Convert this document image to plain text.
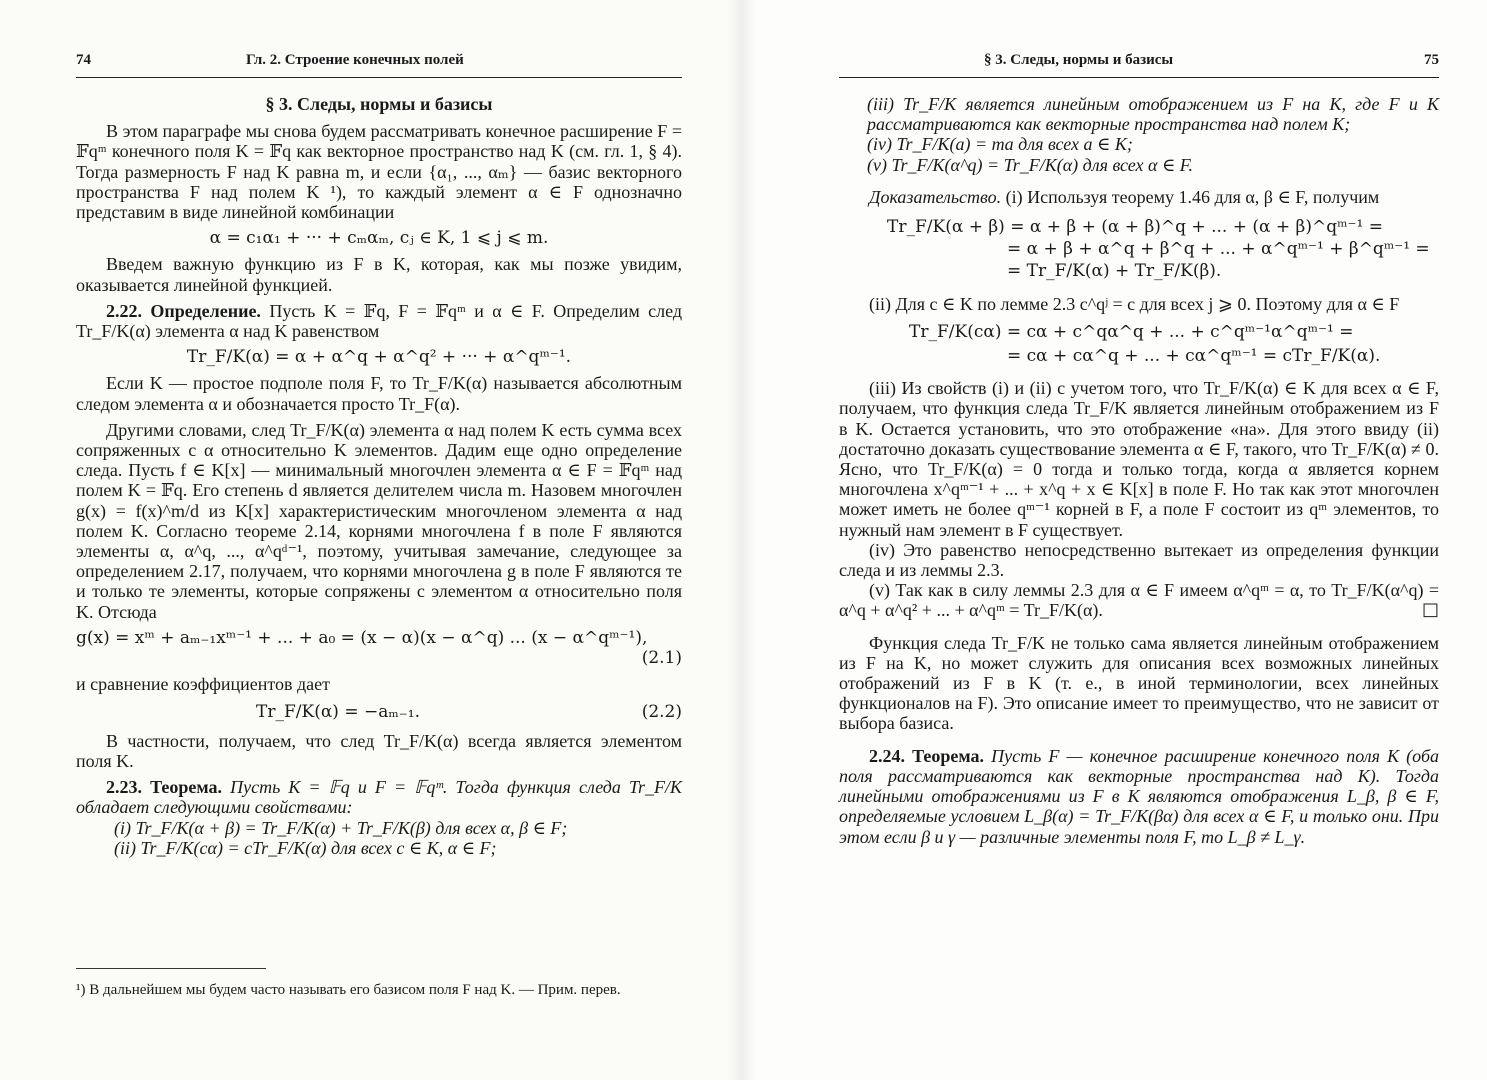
74	Гл. 2. Строение конечных полей	§ 3. Следы, нормы и базисы	75
§ 3. Следы, нормы и базисы

В этом параграфе мы снова будем рассматривать конечное расширение F = 𝔽qᵐ конечного поля K = 𝔽q как векторное пространство над K (см. гл. 1, § 4). Тогда размерность F над K равна m, и если {α₁, ..., αₘ} — базис векторного пространства F над полем K ¹), то каждый элемент α ∈ F однозначно представим в виде линейной комбинации

α = c₁α₁ + ··· + cₘαₘ, cⱼ ∈ K, 1 ⩽ j ⩽ m.

Введем важную функцию из F в K, которая, как мы позже увидим, оказывается линейной функцией.

2.22. Определение. Пусть K = 𝔽q, F = 𝔽qᵐ и α ∈ F. Определим след Tr_F/K(α) элемента α над K равенством

Tr_F/K(α) = α + α^q + α^q² + ··· + α^qᵐ⁻¹.

Если K — простое подполе поля F, то Tr_F/K(α) называется абсолютным следом элемента α и обозначается просто Tr_F(α).

Другими словами, след Tr_F/K(α) элемента α над полем K есть сумма всех сопряженных с α относительно K элементов. Дадим еще одно определение следа. Пусть f ∈ K[x] — минимальный многочлен элемента α ∈ F = 𝔽qᵐ над полем K = 𝔽q. Его степень d является делителем числа m. Назовем многочлен g(x) = f(x)^m/d из K[x] характеристическим многочленом элемента α над полем K. Согласно теореме 2.14, корнями многочлена f в поле F являются элементы α, α^q, ..., α^qᵈ⁻¹, поэтому, учитывая замечание, следующее за определением 2.17, получаем, что корнями многочлена g в поле F являются те и только те элементы, которые сопряжены с элементом α относительно поля K. Отсюда

g(x) = xᵐ + aₘ₋₁xᵐ⁻¹ + ... + a₀ = (x − α)(x − α^q) ... (x − α^qᵐ⁻¹),
(2.1)

и сравнение коэффициентов дает

Tr_F/K(α) = −aₘ₋₁.	(2.2)

В частности, получаем, что след Tr_F/K(α) всегда является элементом поля K.

2.23. Теорема. Пусть K = 𝔽q и F = 𝔽qᵐ. Тогда функция следа Tr_F/K обладает следующими свойствами:

(i) Tr_F/K(α + β) = Tr_F/K(α) + Tr_F/K(β) для всех α, β ∈ F;

(ii) Tr_F/K(cα) = cTr_F/K(α) для всех c ∈ K, α ∈ F;

¹) В дальнейшем мы будем часто называть его базисом поля F над K. — Прим. перев.

(iii) Tr_F/K является линейным отображением из F на K, где F и K рассматриваются как векторные пространства над полем K;

(iv) Tr_F/K(a) = ma для всех a ∈ K;

(v) Tr_F/K(α^q) = Tr_F/K(α) для всех α ∈ F.

Доказательство. (i) Используя теорему 1.46 для α, β ∈ F, получим

Tr_F/K(α + β) = α + β + (α + β)^q + ... + (α + β)^qᵐ⁻¹ =
= α + β + α^q + β^q + ... + α^qᵐ⁻¹ + β^qᵐ⁻¹ =
= Tr_F/K(α) + Tr_F/K(β).

(ii) Для c ∈ K по лемме 2.3 c^qʲ = c для всех j ⩾ 0. Поэтому для α ∈ F

Tr_F/K(cα) = cα + c^qα^q + ... + c^qᵐ⁻¹α^qᵐ⁻¹ =
= cα + cα^q + ... + cα^qᵐ⁻¹ = cTr_F/K(α).

(iii) Из свойств (i) и (ii) с учетом того, что Tr_F/K(α) ∈ K для всех α ∈ F, получаем, что функция следа Tr_F/K является линейным отображением из F в K. Остается установить, что это отображение «на». Для этого ввиду (ii) достаточно доказать существование элемента α ∈ F, такого, что Tr_F/K(α) ≠ 0. Ясно, что Tr_F/K(α) = 0 тогда и только тогда, когда α является корнем многочлена x^qᵐ⁻¹ + ... + x^q + x ∈ K[x] в поле F. Но так как этот многочлен может иметь не более qᵐ⁻¹ корней в F, а поле F состоит из qᵐ элементов, то нужный нам элемент в F существует.

(iv) Это равенство непосредственно вытекает из определения функции следа и из леммы 2.3.

(v) Так как в силу леммы 2.3 для α ∈ F имеем α^qᵐ = α, то Tr_F/K(α^q) = α^q + α^q² + ... + α^qᵐ = Tr_F/K(α).	□

Функция следа Tr_F/K не только сама является линейным отображением из F на K, но может служить для описания всех возможных линейных отображений из F в K (т. е., в иной терминологии, всех линейных функционалов на F). Это описание имеет то преимущество, что не зависит от выбора базиса.

2.24. Теорема. Пусть F — конечное расширение конечного поля K (оба поля рассматриваются как векторные пространства над K). Тогда линейными отображениями из F в K являются отображения L_β, β ∈ F, определяемые условием L_β(α) = Tr_F/K(βα) для всех α ∈ F, и только они. При этом если β и γ — различные элементы поля F, то L_β ≠ L_γ.
